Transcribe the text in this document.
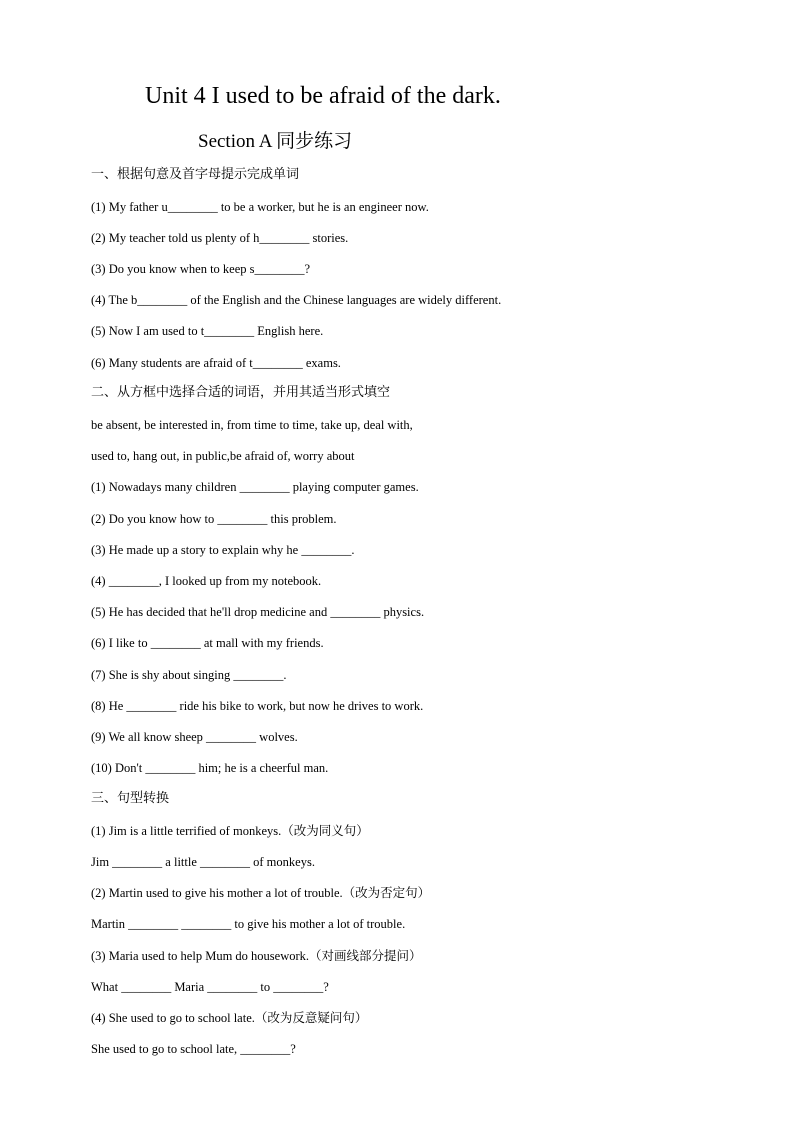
Unit 4 I used to be afraid of the dark.
Section A 同步练习
一、根据句意及首字母提示完成单词
(1) My father u________ to be a worker, but he is an engineer now.
(2) My teacher told us plenty of h________ stories.
(3) Do you know when to keep s________?
(4) The b________ of the English and the Chinese languages are widely different.
(5) Now I am used to t________ English here.
(6) Many students are afraid of t________ exams.
二、从方框中选择合适的词语，并用其适当形式填空
be absent, be interested in, from time to time, take up, deal with,
used to, hang out, in public,be afraid of, worry about
(1) Nowadays many children ________ playing computer games.
(2) Do you know how to ________ this problem.
(3) He made up a story to explain why he ________.
(4) ________, I looked up from my notebook.
(5) He has decided that he'll drop medicine and ________ physics.
(6) I like to ________ at mall with my friends.
(7) She is shy about singing ________.
(8) He ________ ride his bike to work, but now he drives to work.
(9) We all know sheep ________ wolves.
(10) Don't ________ him; he is a cheerful man.
三、句型转换
(1) Jim is a little terrified of monkeys.（改为同义句）
Jim ________ a little ________ of monkeys.
(2) Martin used to give his mother a lot of trouble.（改为否定句）
Martin ________ ________ to give his mother a lot of trouble.
(3) Maria used to help Mum do housework.（对画线部分提问）
What ________ Maria ________ to ________?
(4) She used to go to school late.（改为反意疑问句）
She used to go to school late, ________?
